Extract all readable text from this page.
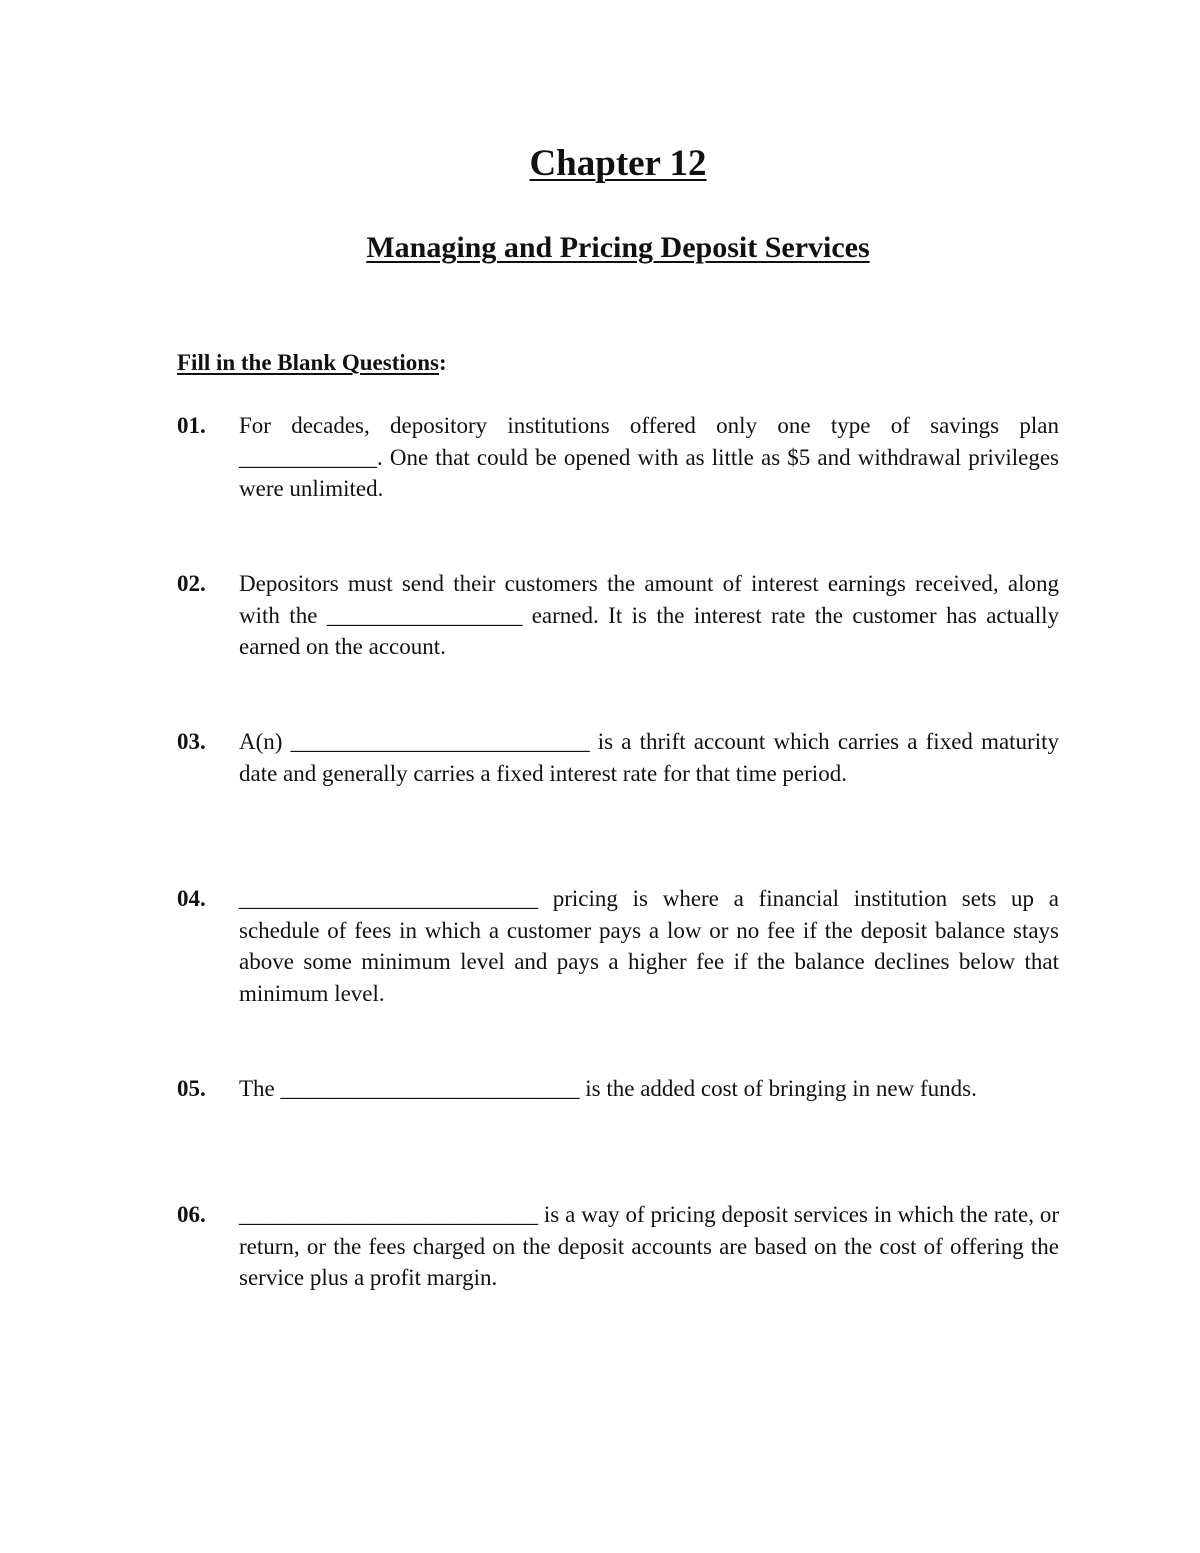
Chapter 12
Managing and Pricing Deposit Services
Fill in the Blank Questions:
01. For decades, depository institutions offered only one type of savings plan ____________. One that could be opened with as little as $5 and withdrawal privileges were unlimited.
02. Depositors must send their customers the amount of interest earnings received, along with the _________________ earned. It is the interest rate the customer has actually earned on the account.
03. A(n) __________________________ is a thrift account which carries a fixed maturity date and generally carries a fixed interest rate for that time period.
04. __________________________ pricing is where a financial institution sets up a schedule of fees in which a customer pays a low or no fee if the deposit balance stays above some minimum level and pays a higher fee if the balance declines below that minimum level.
05. The __________________________ is the added cost of bringing in new funds.
06. __________________________ is a way of pricing deposit services in which the rate, or return, or the fees charged on the deposit accounts are based on the cost of offering the service plus a profit margin.
